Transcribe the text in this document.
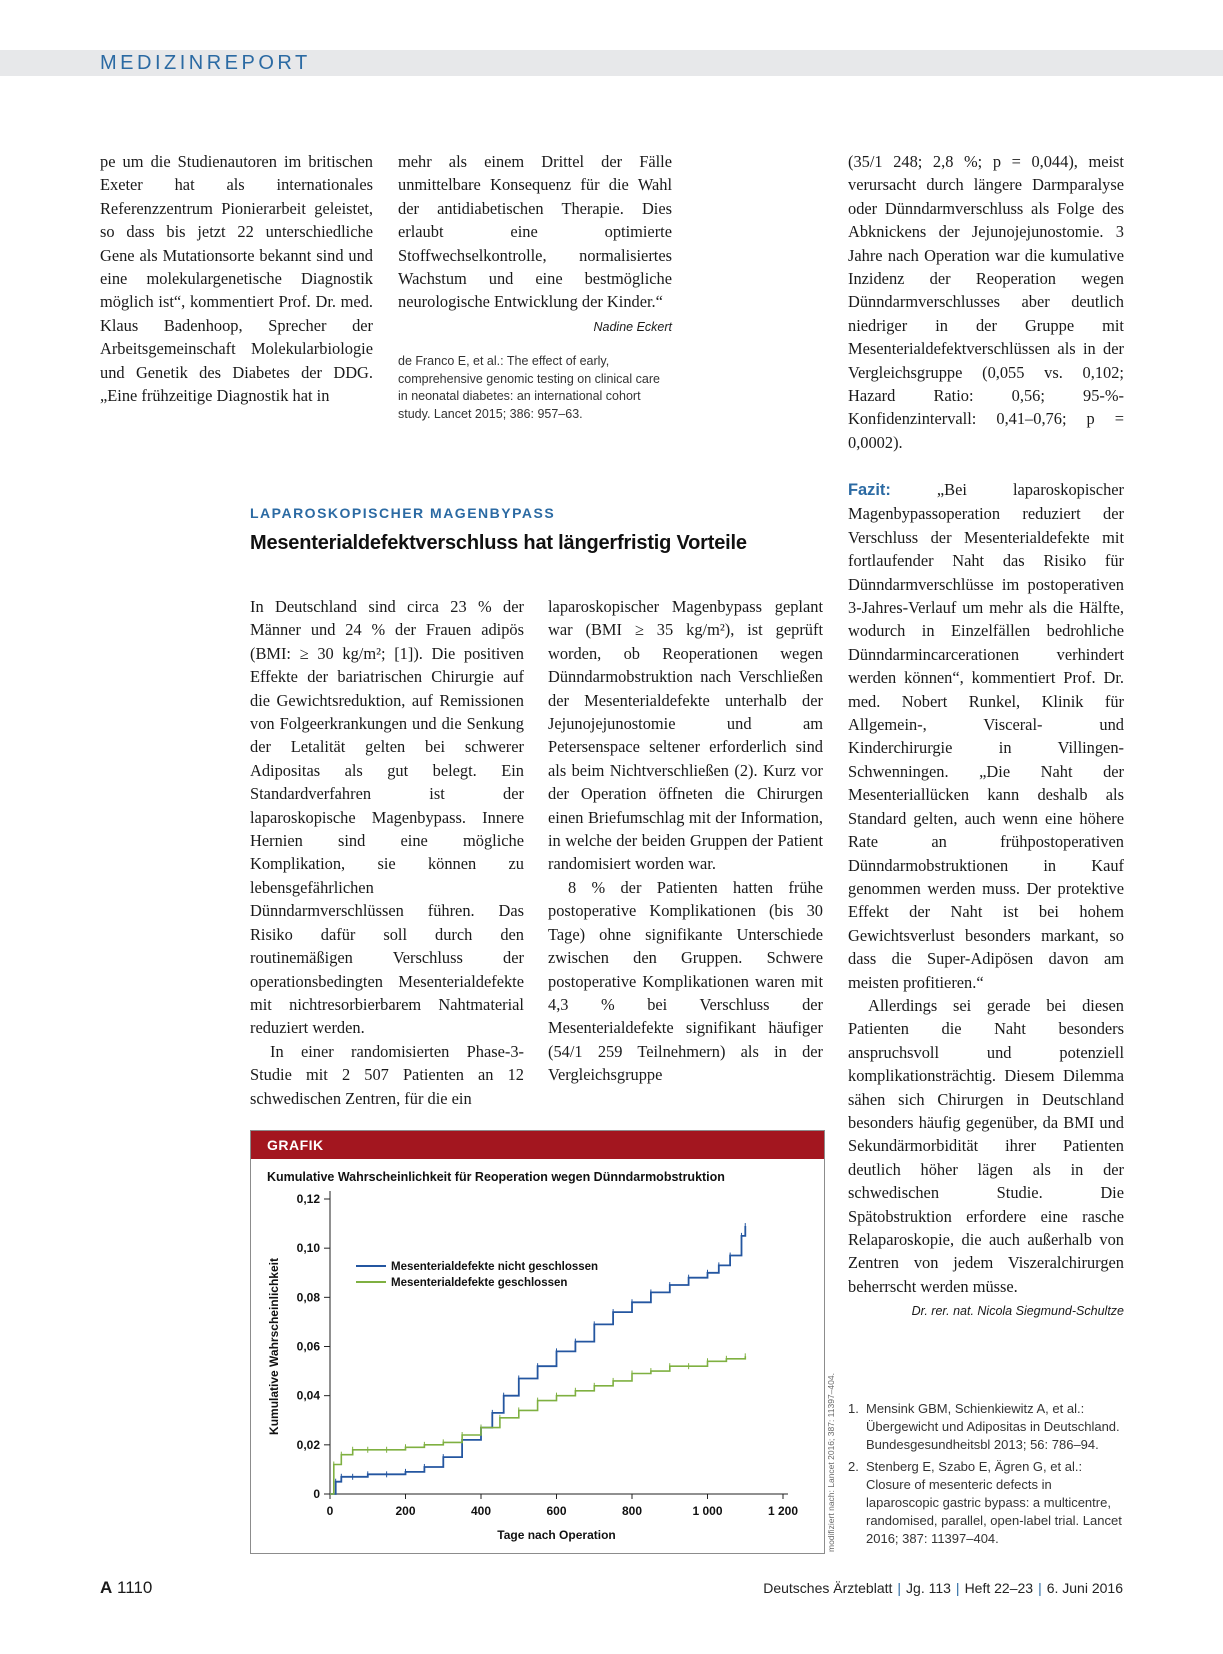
MEDIZINREPORT

pe um die Studienautoren im britischen Exeter hat als internationales Referenzzentrum Pionierarbeit geleistet, so dass bis jetzt 22 unterschiedliche Gene als Mutationsorte bekannt sind und eine molekulargenetische Diagnostik möglich ist“, kommentiert Prof. Dr. med. Klaus Badenhoop, Sprecher der Arbeitsgemeinschaft Molekularbiologie und Genetik des Diabetes der DDG. „Eine frühzeitige Diagnostik hat in

mehr als einem Drittel der Fälle unmittelbare Konsequenz für die Wahl der antidiabetischen Therapie. Dies erlaubt eine optimierte Stoffwechselkontrolle, normalisiertes Wachstum und eine bestmögliche neurologische Entwicklung der Kinder.“

Nadine Eckert
de Franco E, et al.: The effect of early, comprehensive genomic testing on clinical care in neonatal diabetes: an international cohort study. Lancet 2015; 386: 957–63.

(35/1 248; 2,8 %; p = 0,044), meist verursacht durch längere Darmparalyse oder Dünndarmverschluss als Folge des Abknickens der Jejunojejunostomie. 3 Jahre nach Operation war die kumulative Inzidenz der Reoperation wegen Dünndarmverschlusses aber deutlich niedriger in der Gruppe mit Mesenterialdefektverschlüssen als in der Vergleichsgruppe (0,055 vs. 0,102; Hazard Ratio: 0,56; 95-%-Konfidenzintervall: 0,41–0,76; p = 0,0002).

LAPAROSKOPISCHER MAGENBYPASS
Mesenterialdefektverschluss hat längerfristig Vorteile

In Deutschland sind circa 23 % der Männer und 24 % der Frauen adipös (BMI: ≥ 30 kg/m²; [1]). Die positiven Effekte der bariatrischen Chirurgie auf die Gewichtsreduktion, auf Remissionen von Folgeerkrankungen und die Senkung der Letalität gelten bei schwerer Adipositas als gut belegt. Ein Standardverfahren ist der laparoskopische Magenbypass. Innere Hernien sind eine mögliche Komplikation, sie können zu lebensgefährlichen Dünndarmverschlüssen führen. Das Risiko dafür soll durch den routinemäßigen Verschluss der operationsbedingten Mesenterialdefekte mit nichtresorbierbarem Nahtmaterial reduziert werden.

In einer randomisierten Phase-3-Studie mit 2 507 Patienten an 12 schwedischen Zentren, für die ein

laparoskopischer Magenbypass geplant war (BMI ≥ 35 kg/m²), ist geprüft worden, ob Reoperationen wegen Dünndarmobstruktion nach Verschließen der Mesenterialdefekte unterhalb der Jejunojejunostomie und am Petersenspace seltener erforderlich sind als beim Nichtverschließen (2). Kurz vor der Operation öffneten die Chirurgen einen Briefumschlag mit der Information, in welche der beiden Gruppen der Patient randomisiert worden war.

8 % der Patienten hatten frühe postoperative Komplikationen (bis 30 Tage) ohne signifikante Unterschiede zwischen den Gruppen. Schwere postoperative Komplikationen waren mit 4,3 % bei Verschluss der Mesenterialdefekte signifikant häufiger (54/1 259 Teilnehmern) als in der Vergleichsgruppe

Fazit:	„Bei laparoskopischer Magenbypassoperation reduziert der Verschluss der Mesenterialdefekte mit fortlaufender Naht das Risiko für Dünndarmverschlüsse im postoperativen 3-Jahres-Verlauf um mehr als die Hälfte, wodurch in Einzelfällen bedrohliche Dünndarmincarcerationen verhindert werden können“, kommentiert Prof. Dr. med. Nobert Runkel, Klinik für Allgemein-, Visceral- und Kinderchirurgie in Villingen-Schwenningen. „Die Naht der Mesenteriallücken kann deshalb als Standard gelten, auch wenn eine höhere Rate an frühpostoperativen Dünndarmobstruktionen in Kauf genommen werden muss. Der protektive Effekt der Naht ist bei hohem Gewichtsverlust besonders markant, so dass die Super-Adipösen davon am meisten profitieren.“

Allerdings sei gerade bei diesen Patienten die Naht besonders anspruchsvoll und potenziell komplikationsträchtig. Diesem Dilemma sähen sich Chirurgen in Deutschland besonders häufig gegenüber, da BMI und Sekundärmorbidität ihrer Patienten deutlich höher lägen als in der schwedischen Studie. Die Spätobstruktion erfordere eine rasche Relaparoskopie, die auch außerhalb von Zentren von jedem Viszeralchirurgen beherrscht werden müsse.

Dr. rer. nat. Nicola Siegmund-Schultze
GRAFIK
Kumulative Wahrscheinlichkeit für Reoperation wegen Dünndarmobstruktion
0
0,02
0,04
0,06
0,08
0,10
0,12
0	200	400	600	800	1 000	1 200
Tage nach Operation
Kumulative Wahrscheinlichkeit	Mesenterialdefekte nicht geschlossen
Mesenterialdefekte geschlossen
modifiziert nach: Lancet 2016; 387: 11397–404. 1. Mensink GBM, Schienkiewitz A, et al.: Übergewicht und Adipositas in Deutschland. Bundesgesundheitsbl 2013; 56: 786–94.
2. Stenberg E, Szabo E, Ägren G, et al.: Closure of mesenteric defects in laparoscopic gastric bypass: a multicentre, randomised, parallel, open-label trial. Lancet 2016; 387: 11397–404.
A 1110	Deutsches Ärzteblatt | Jg. 113 | Heft 22–23 | 6. Juni 2016
